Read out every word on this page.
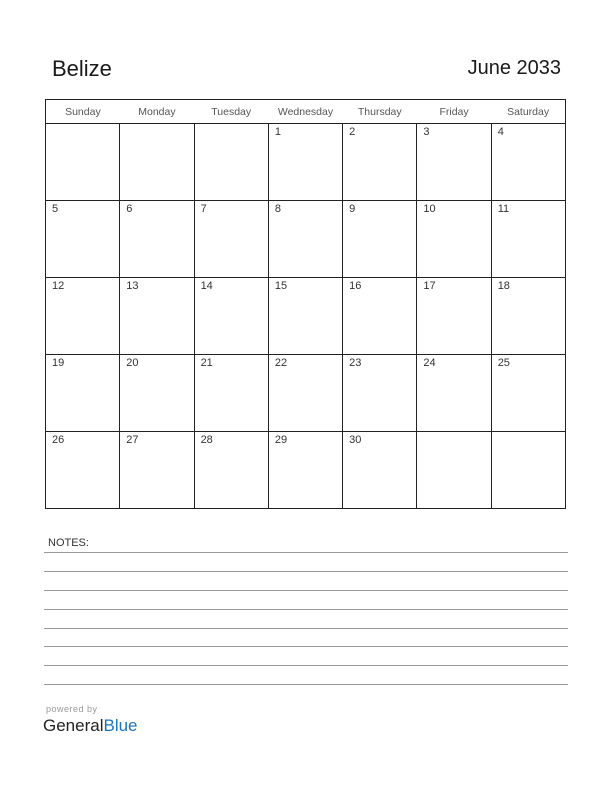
Belize	June 2033
Sunday	Monday	Tuesday	Wednesday	Thursday	Friday	Saturday

			1	2	3	4

5	6	7	8	9	10	11

12	13	14	15	16	17	18

19	20	21	22	23	24	25

26	27	28	29	30		

NOTES:
powered by
GeneralBlue
